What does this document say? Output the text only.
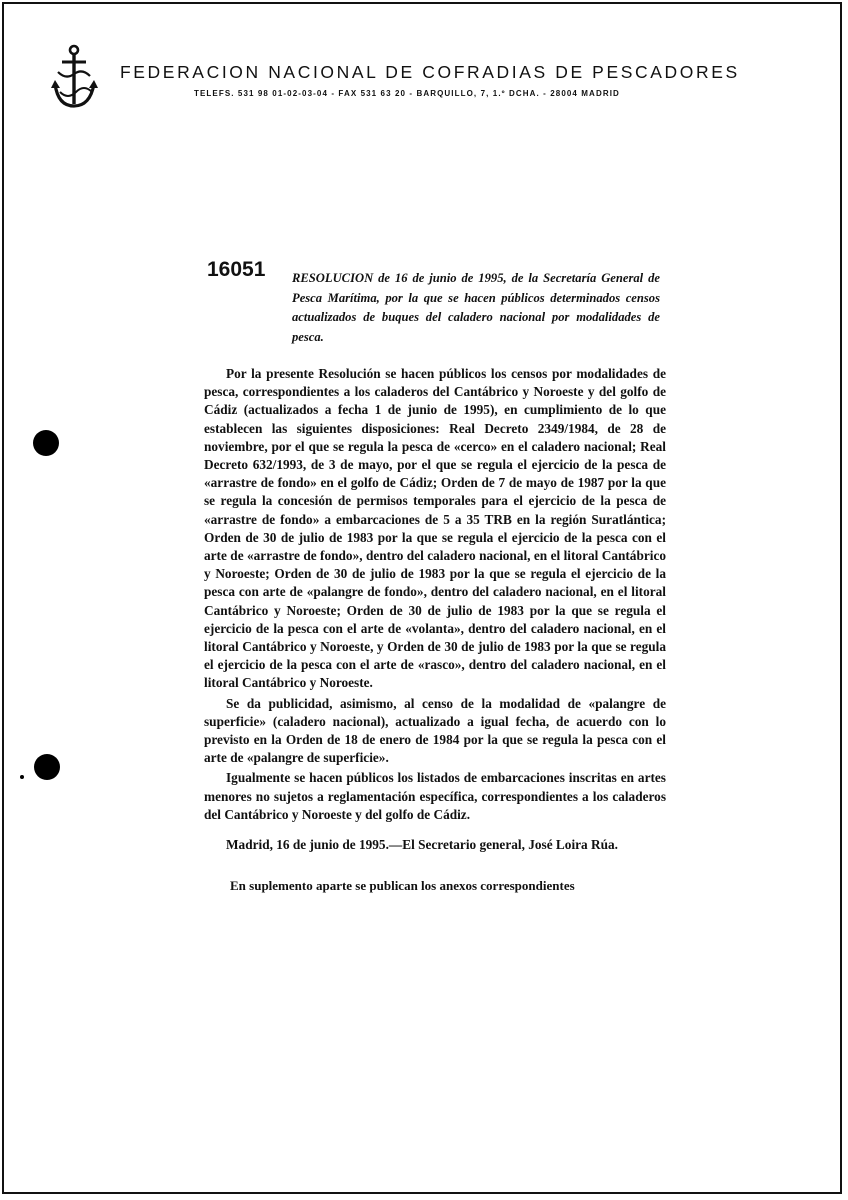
FEDERACION NACIONAL DE COFRADIAS DE PESCADORES
TELEFS. 531 98 01-02-03-04 - FAX 531 63 20 - BARQUILLO, 7, 1.º DCHA. - 28004 MADRID
16051 RESOLUCION de 16 de junio de 1995, de la Secretaría General de Pesca Marítima, por la que se hacen públicos determinados censos actualizados de buques del caladero nacional por modalidades de pesca.

Por la presente Resolución se hacen públicos los censos por modalidades de pesca, correspondientes a los caladeros del Cantábrico y Noroeste y del golfo de Cádiz (actualizados a fecha 1 de junio de 1995), en cumplimiento de lo que establecen las siguientes disposiciones: Real Decreto 2349/1984, de 28 de noviembre, por el que se regula la pesca de «cerco» en el caladero nacional; Real Decreto 632/1993, de 3 de mayo, por el que se regula el ejercicio de la pesca de «arrastre de fondo» en el golfo de Cádiz; Orden de 7 de mayo de 1987 por la que se regula la concesión de permisos temporales para el ejercicio de la pesca de «arrastre de fondo» a embarcaciones de 5 a 35 TRB en la región Suratlántica; Orden de 30 de julio de 1983 por la que se regula el ejercicio de la pesca con el arte de «arrastre de fondo», dentro del caladero nacional, en el litoral Cantábrico y Noroeste; Orden de 30 de julio de 1983 por la que se regula el ejercicio de la pesca con arte de «palangre de fondo», dentro del caladero nacional, en el litoral Cantábrico y Noroeste; Orden de 30 de julio de 1983 por la que se regula el ejercicio de la pesca con el arte de «volanta», dentro del caladero nacional, en el litoral Cantábrico y Noroeste, y Orden de 30 de julio de 1983 por la que se regula el ejercicio de la pesca con el arte de «rasco», dentro del caladero nacional, en el litoral Cantábrico y Noroeste.

Se da publicidad, asimismo, al censo de la modalidad de «palangre de superficie» (caladero nacional), actualizado a igual fecha, de acuerdo con lo previsto en la Orden de 18 de enero de 1984 por la que se regula la pesca con el arte de «palangre de superficie».

Igualmente se hacen públicos los listados de embarcaciones inscritas en artes menores no sujetos a reglamentación específica, correspondientes a los caladeros del Cantábrico y Noroeste y del golfo de Cádiz.

Madrid, 16 de junio de 1995.—El Secretario general, José Loira Rúa.
En suplemento aparte se publican los anexos correspondientes
